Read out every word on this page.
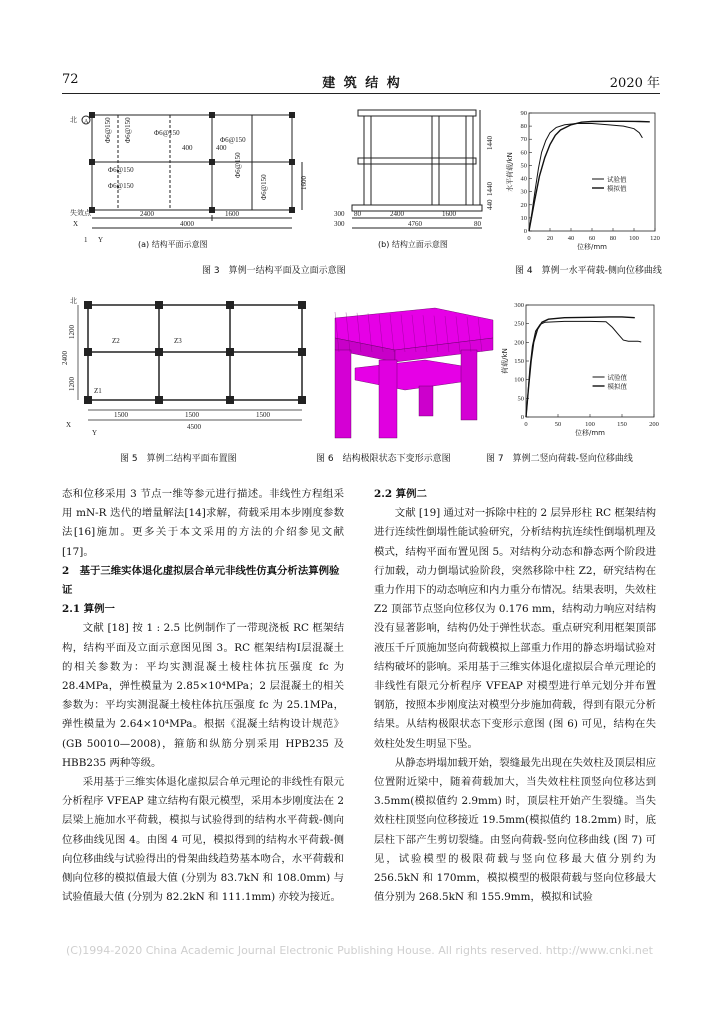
72	建 筑 结 构	2020 年
北 A
失效点
X
Y
1
2400	1600
4000
400	400
1600
Φ6@150 Φ6@150	Φ6@150
Φ6@150
Φ6@150
Φ6@150
Φ6@150
Φ6@150
(a) 结构平面示意图
80	2400	1600
80
4760
300
300
1440
1440
440
(b) 结构立面示意图
0 20 40 60 80 100 120
0
10
20
30
40
50
60
70
80
90
位移/mm
水平荷载/kN	试验值
模拟值
图 3　算例一结构平面及立面示意图	图 4　算例一水平荷载-侧向位移曲线
北
Z1
Z2	Z3
1500	1500	1500
4500
1200
2400
1200
X
Y
0	50	100	150	200
0
50
100
150
200
250
300
位移/mm
荷载/kN
试验值
模拟值
图 5　算例二结构平面布置图	图 6　结构极限状态下变形示意图	图 7　算例二竖向荷载-竖向位移曲线

态和位移采用 3 节点一维等参元进行描述。非线性方程组采用 mN-R 迭代的增量解法[14]求解，荷载采用本步刚度参数法[16]施加。更多关于本文采用的方法的介绍参见文献 [17]。

2　基于三维实体退化虚拟层合单元非线性仿真分析法算例验证
2.1 算例一

文献 [18] 按 1 : 2.5 比例制作了一带现浇板 RC 框架结构，结构平面及立面示意图见图 3。RC 框架结构Ⅰ层混凝土的相关参数为：平均实测混凝土棱柱体抗压强度 fc 为 28.4MPa，弹性模量为 2.85×10⁴MPa；2 层混凝土的相关参数为：平均实测混凝土棱柱体抗压强度 fc 为 25.1MPa，弹性模量为 2.64×10⁴MPa。根据《混凝土结构设计规范》(GB 50010—2008)，箍筋和纵筋分别采用 HPB235 及 HBB235 两种等级。

采用基于三维实体退化虚拟层合单元理论的非线性有限元分析程序 VFEAP 建立结构有限元模型，采用本步刚度法在 2 层梁上施加水平荷载，模拟与试验得到的结构水平荷载-侧向位移曲线见图 4。由图 4 可见，模拟得到的结构水平荷载-侧向位移曲线与试验得出的骨架曲线趋势基本吻合，水平荷载和侧向位移的模拟值最大值 (分别为 83.7kN 和 108.0mm) 与试验值最大值 (分别为 82.2kN 和 111.1mm) 亦较为接近。

2.2 算例二

文献 [19] 通过对一拆除中柱的 2 层异形柱 RC 框架结构进行连续性倒塌性能试验研究，分析结构抗连续性倒塌机理及模式，结构平面布置见图 5。对结构分动态和静态两个阶段进行加载，动力倒塌试验阶段，突然移除中柱 Z2，研究结构在重力作用下的动态响应和内力重分布情况。结果表明，失效柱 Z2 顶部节点竖向位移仅为 0.176 mm，结构动力响应对结构没有显著影响，结构仍处于弹性状态。重点研究利用框架顶部液压千斤顶施加竖向荷载模拟上部重力作用的静态坍塌试验对结构破坏的影响。采用基于三维实体退化虚拟层合单元理论的非线性有限元分析程序 VFEAP 对模型进行单元划分并布置钢筋，按照本步刚度法对模型分步施加荷载，得到有限元分析结果。从结构极限状态下变形示意图 (图 6) 可见，结构在失效柱处发生明显下坠。

从静态坍塌加载开始，裂缝最先出现在失效柱及顶层相应位置附近梁中，随着荷载加大，当失效柱柱顶竖向位移达到 3.5mm(模拟值约 2.9mm) 时，顶层柱开始产生裂缝。当失效柱柱顶竖向位移接近 19.5mm(模拟值约 18.2mm) 时，底层柱下部产生剪切裂缝。由竖向荷载-竖向位移曲线 (图 7) 可见，试验模型的极限荷载与竖向位移最大值分别约为 256.5kN 和 170mm，模拟模型的极限荷载与竖向位移最大值分别为 268.5kN 和 155.9mm，模拟和试验

(C)1994-2020 China Academic Journal Electronic Publishing House. All rights reserved. http://www.cnki.net
